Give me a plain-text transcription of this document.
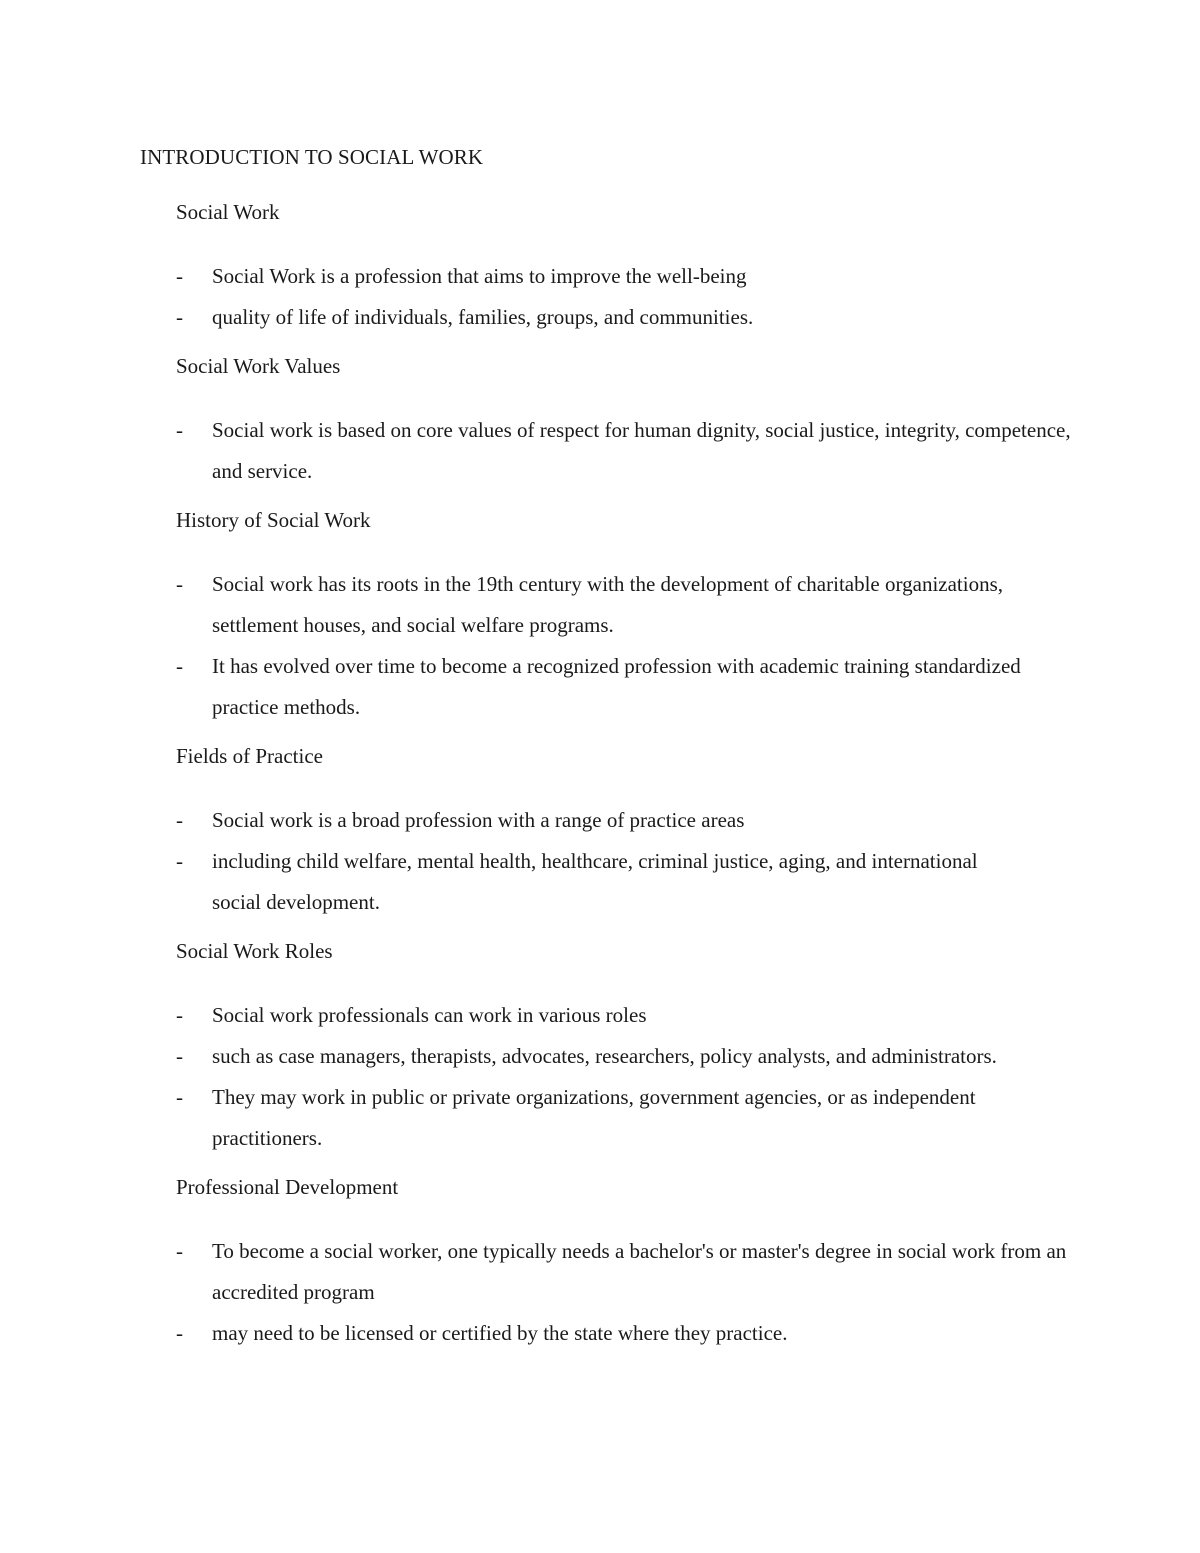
INTRODUCTION TO SOCIAL WORK
Social Work
- Social Work is a profession that aims to improve the well-being
- quality of life of individuals, families, groups, and communities.
Social Work Values
- Social work is based on core values of respect for human dignity, social justice, integrity, competence, and service.
History of Social Work
- Social work has its roots in the 19th century with the development of charitable organizations, settlement houses, and social welfare programs.
- It has evolved over time to become a recognized profession with academic training standardized practice methods.
Fields of Practice
- Social work is a broad profession with a range of practice areas
- including child welfare, mental health, healthcare, criminal justice, aging, and international social development.
Social Work Roles
- Social work professionals can work in various roles
- such as case managers, therapists, advocates, researchers, policy analysts, and administrators.
- They may work in public or private organizations, government agencies, or as independent practitioners.
Professional Development
- To become a social worker, one typically needs a bachelor's or master's degree in social work from an accredited program
- may need to be licensed or certified by the state where they practice.
